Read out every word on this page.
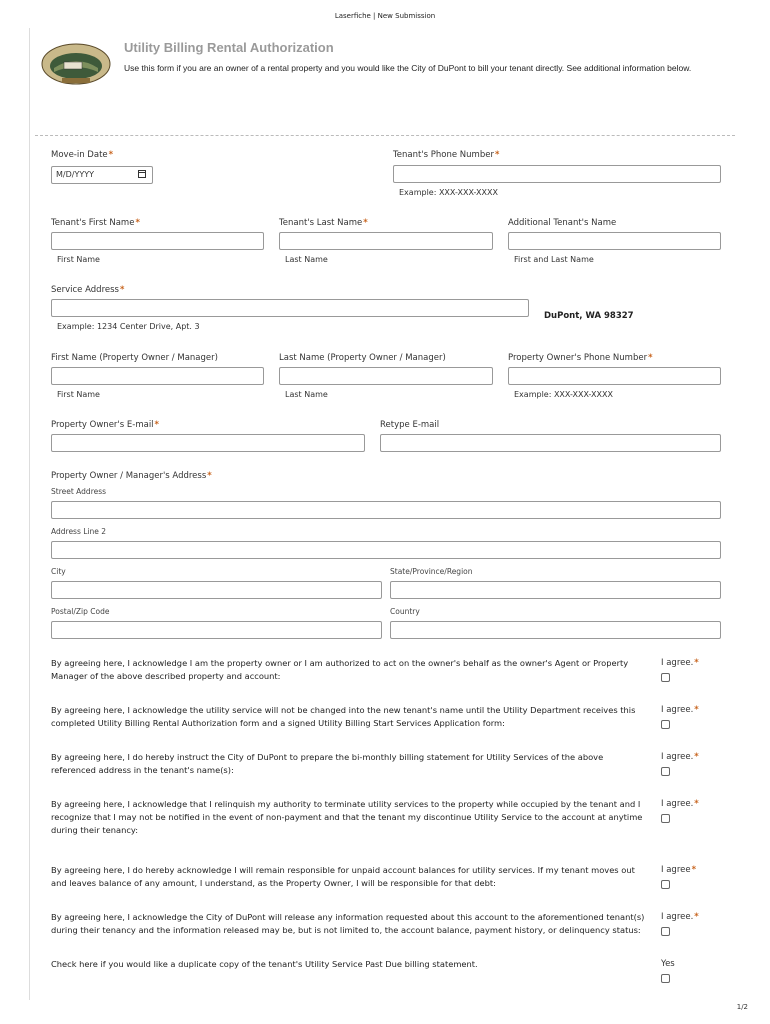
Laserfiche | New Submission
Utility Billing Rental Authorization
Use this form if you are an owner of a rental property and you would like the City of DuPont to bill your tenant directly. See additional information below.
Move-in Date*
M/D/YYYY
Tenant's Phone Number*
Example: XXX-XXX-XXXX
Tenant's First Name*
First Name
Tenant's Last Name*
Last Name
Additional Tenant's Name
First and Last Name
Service Address*
DuPont, WA 98327
Example: 1234 Center Drive, Apt. 3
First Name (Property Owner / Manager)
First Name
Last Name (Property Owner / Manager)
Last Name
Property Owner's Phone Number*
Example: XXX-XXX-XXXX
Property Owner's E-mail*	Retype E-mail
Property Owner / Manager's Address*
Street Address
Address Line 2
City	State/Province/Region
Postal/Zip Code	Country
By agreeing here, I acknowledge I am the property owner or I am authorized to act on the owner's behalf as the owner's Agent or Property Manager of the above described property and account:
I agree.*
By agreeing here, I acknowledge the utility service will not be changed into the new tenant's name until the Utility Department receives this completed Utility Billing Rental Authorization form and a signed Utility Billing Start Services Application form:
I agree.*
By agreeing here, I do hereby instruct the City of DuPont to prepare the bi-monthly billing statement for Utility Services of the above referenced address in the tenant's name(s):
I agree.*
By agreeing here, I acknowledge that I relinquish my authority to terminate utility services to the property while occupied by the tenant and I recognize that I may not be notified in the event of non-payment and that the tenant my discontinue Utility Service to the account at anytime during their tenancy:
I agree.*
By agreeing here, I do hereby acknowledge I will remain responsible for unpaid account balances for utility services. If my tenant moves out and leaves balance of any amount, I understand, as the Property Owner, I will be responsible for that debt:
I agree*
By agreeing here, I acknowledge the City of DuPont will release any information requested about this account to the aforementioned tenant(s) during their tenancy and the information released may be, but is not limited to, the account balance, payment history, or delinquency status:
I agree.*
Check here if you would like a duplicate copy of the tenant's Utility Service Past Due billing statement.	Yes
1/2
